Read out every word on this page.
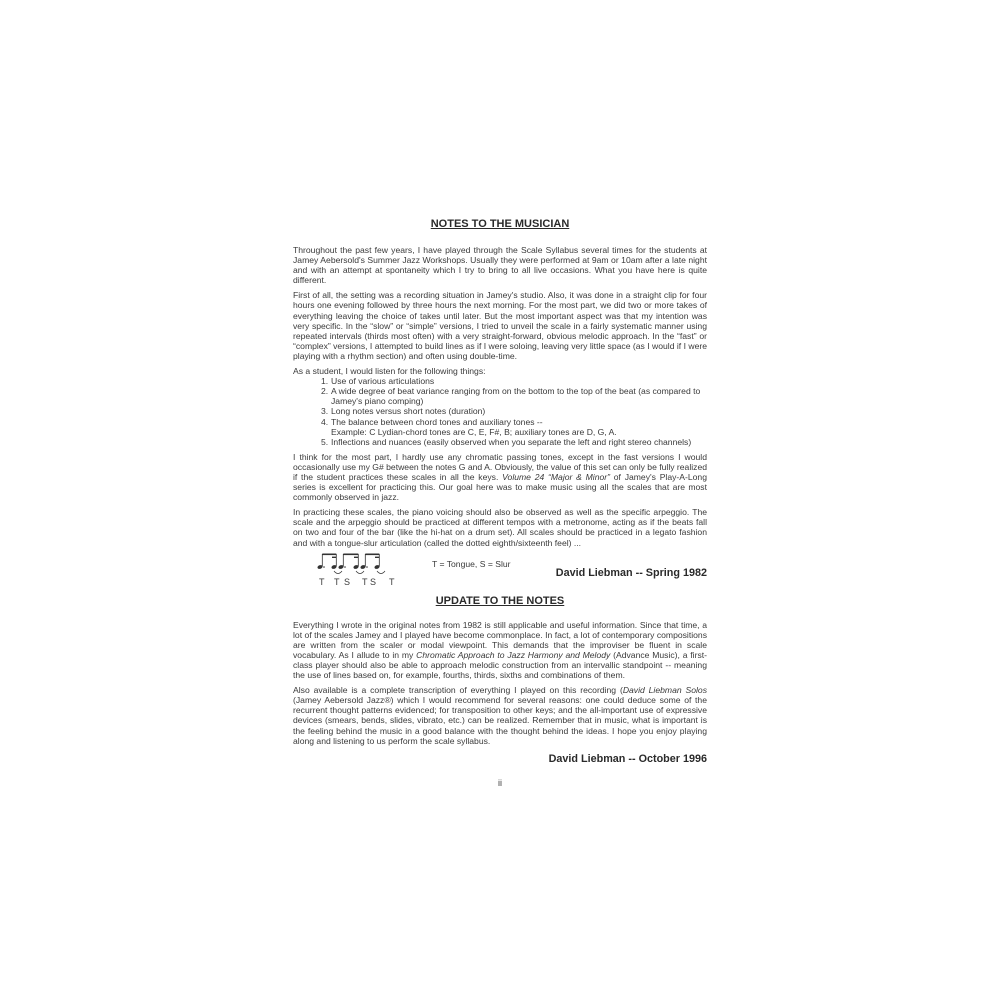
NOTES TO THE MUSICIAN

Throughout the past few years, I have played through the Scale Syllabus several times for the students at Jamey Aebersold's Summer Jazz Workshops. Usually they were performed at 9am or 10am after a late night and with an attempt at spontaneity which I try to bring to all live occasions. What you have here is quite different.

First of all, the setting was a recording situation in Jamey's studio. Also, it was done in a straight clip for four hours one evening followed by three hours the next morning. For the most part, we did two or more takes of everything leaving the choice of takes until later. But the most important aspect was that my intention was very specific. In the “slow” or “simple” versions, I tried to unveil the scale in a fairly systematic manner using repeated intervals (thirds most often) with a very straight-forward, obvious melodic approach. In the “fast” or “complex” versions, I attempted to build lines as if I were soloing, leaving very little space (as I would if I were playing with a rhythm section) and often using double-time.

As a student, I would listen for the following things:

1. Use of various articulations
2. A wide degree of beat variance ranging from on the bottom to the top of the beat (as compared to Jamey's piano comping)
3. Long notes versus short notes (duration)
4. The balance between chord tones and auxiliary tones --
Example: C Lydian-chord tones are C, E, F#, B; auxiliary tones are D, G, A.
5. Inflections and nuances (easily observed when you separate the left and right stereo channels)

I think for the most part, I hardly use any chromatic passing tones, except in the fast versions I would occasionally use my G# between the notes G and A. Obviously, the value of this set can only be fully realized if the student practices these scales in all the keys. Volume 24 “Major & Minor” of Jamey's Play-A-Long series is excellent for practicing this. Our goal here was to make music using all the scales that are most commonly observed in jazz.

In practicing these scales, the piano voicing should also be observed as well as the specific arpeggio. The scale and the arpeggio should be practiced at different tempos with a metronome, acting as if the beats fall on two and four of the bar (like the hi-hat on a drum set). All scales should be practiced in a legato fashion and with a tongue-slur articulation (called the dotted eighth/sixteenth feel) ...

T T S T S T
T = Tongue, S = Slur
David Liebman -- Spring 1982
UPDATE TO THE NOTES

Everything I wrote in the original notes from 1982 is still applicable and useful information. Since that time, a lot of the scales Jamey and I played have become commonplace. In fact, a lot of contemporary compositions are written from the scaler or modal viewpoint. This demands that the improviser be fluent in scale vocabulary. As I allude to in my Chromatic Approach to Jazz Harmony and Melody (Advance Music), a first-class player should also be able to approach melodic construction from an intervallic standpoint -- meaning the use of lines based on, for example, fourths, thirds, sixths and combinations of them.

Also available is a complete transcription of everything I played on this recording (David Liebman Solos (Jamey Aebersold Jazz®) which I would recommend for several reasons: one could deduce some of the recurrent thought patterns evidenced; for transposition to other keys; and the all-important use of expressive devices (smears, bends, slides, vibrato, etc.) can be realized. Remember that in music, what is important is the feeling behind the music in a good balance with the thought behind the ideas. I hope you enjoy playing along and listening to us perform the scale syllabus.

David Liebman -- October 1996
ii
